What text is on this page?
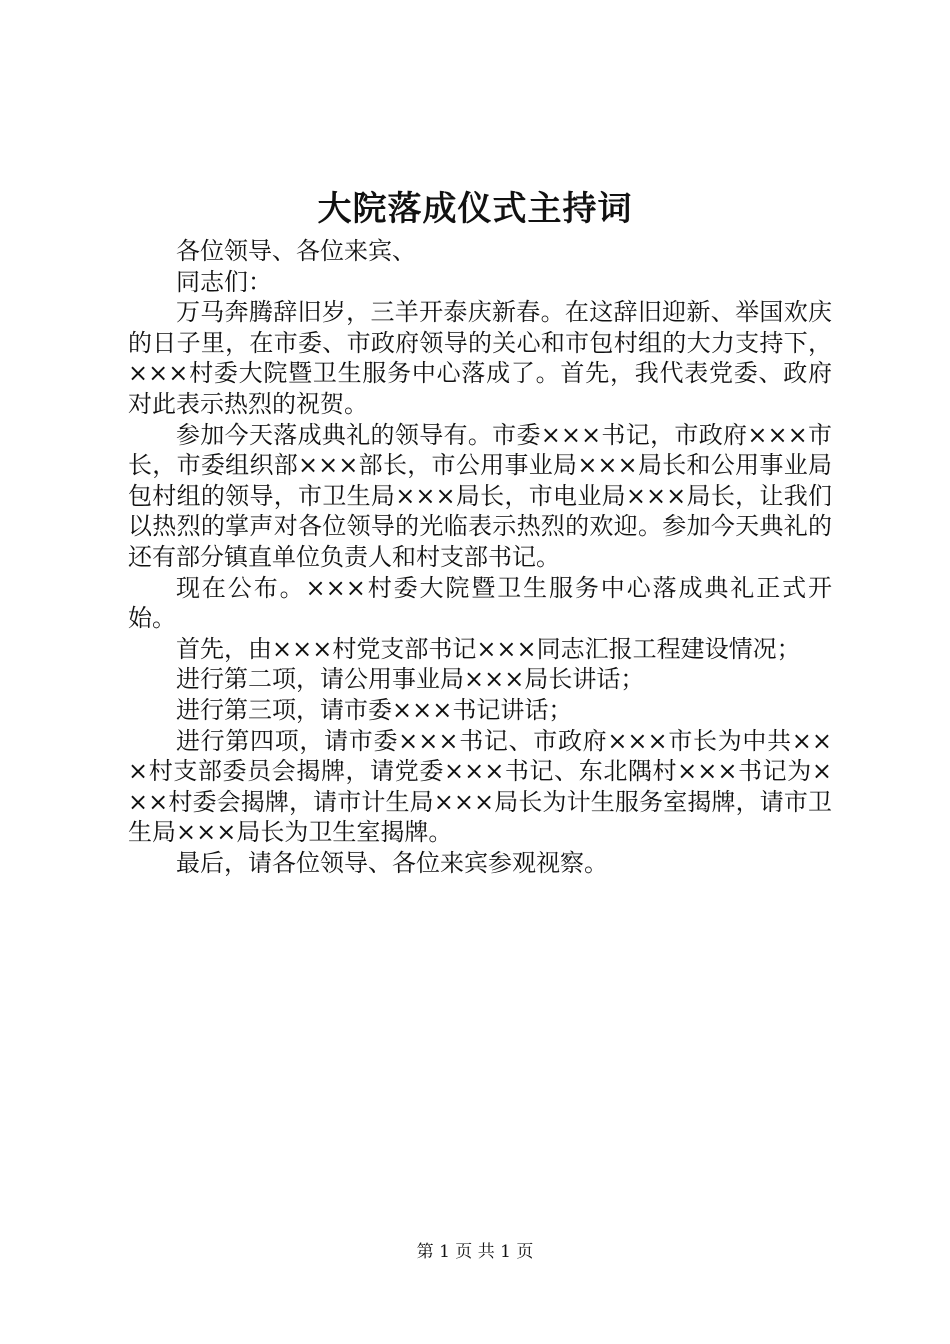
大院落成仪式主持词

各位领导、各位来宾、

同志们：

万马奔腾辞旧岁，三羊开泰庆新春。在这辞旧迎新、举国欢庆的日子里，在市委、市政府领导的关心和市包村组的大力支持下，×××村委大院暨卫生服务中心落成了。首先，我代表党委、政府对此表示热烈的祝贺。

参加今天落成典礼的领导有。市委×××书记，市政府×××市长，市委组织部×××部长，市公用事业局×××局长和公用事业局包村组的领导，市卫生局×××局长，市电业局×××局长，让我们以热烈的掌声对各位领导的光临表示热烈的欢迎。参加今天典礼的还有部分镇直单位负责人和村支部书记。

现在公布。×××村委大院暨卫生服务中心落成典礼正式开始。

首先，由×××村党支部书记×××同志汇报工程建设情况；

进行第二项，请公用事业局×××局长讲话；

进行第三项，请市委×××书记讲话；

进行第四项，请市委×××书记、市政府×××市长为中共×××村支部委员会揭牌，请党委×××书记、东北隅村×××书记为×××村委会揭牌，请市计生局×××局长为计生服务室揭牌，请市卫生局×××局长为卫生室揭牌。

最后，请各位领导、各位来宾参观视察。

第 1 页 共 1 页
